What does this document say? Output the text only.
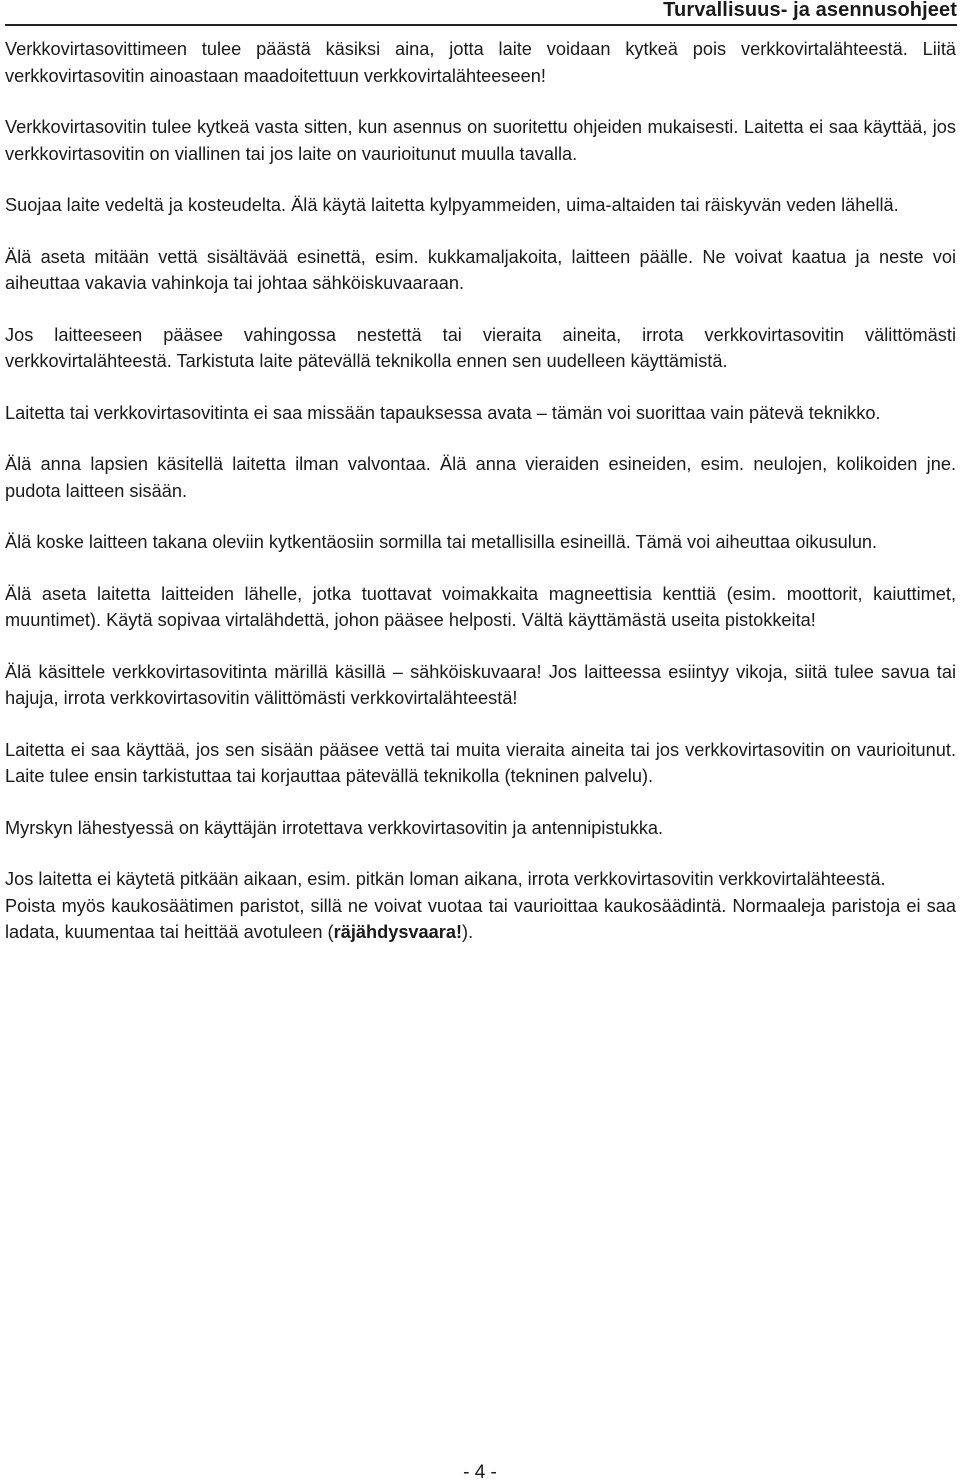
Turvallisuus- ja asennusohjeet

Verkkovirtasovittimeen tulee päästä käsiksi aina, jotta laite voidaan kytkeä pois verkkovirtalähteestä. Liitä verkkovirtasovitin ainoastaan maadoitettuun verkkovirtalähteeseen!

Verkkovirtasovitin tulee kytkeä vasta sitten, kun asennus on suoritettu ohjeiden mukaisesti. Laitetta ei saa käyttää, jos verkkovirtasovitin on viallinen tai jos laite on vaurioitunut muulla tavalla.

Suojaa laite vedeltä ja kosteudelta. Älä käytä laitetta kylpyammeiden, uima-altaiden tai räiskyvän veden lähellä.

Älä aseta mitään vettä sisältävää esinettä, esim. kukkamaljakoita, laitteen päälle. Ne voivat kaatua ja neste voi aiheuttaa vakavia vahinkoja tai johtaa sähköiskuvaaraan.

Jos laitteeseen pääsee vahingossa nestettä tai vieraita aineita, irrota verkkovirtasovitin välittömästi verkkovirtalähteestä. Tarkistuta laite pätevällä teknikolla ennen sen uudelleen käyttämistä.

Laitetta tai verkkovirtasovitinta ei saa missään tapauksessa avata – tämän voi suorittaa vain pätevä teknikko.

Älä anna lapsien käsitellä laitetta ilman valvontaa. Älä anna vieraiden esineiden, esim. neulojen, kolikoiden jne. pudota laitteen sisään.

Älä koske laitteen takana oleviin kytkentäosiin sormilla tai metallisilla esineillä. Tämä voi aiheuttaa oikusulun.

Älä aseta laitetta laitteiden lähelle, jotka tuottavat voimakkaita magneettisia kenttiä (esim. moottorit, kaiuttimet, muuntimet). Käytä sopivaa virtalähdettä, johon pääsee helposti. Vältä käyttämästä useita pistokkeita!

Älä käsittele verkkovirtasovitinta märillä käsillä – sähköiskuvaara! Jos laitteessa esiintyy vikoja, siitä tulee savua tai hajuja, irrota verkkovirtasovitin välittömästi verkkovirtalähteestä!

Laitetta ei saa käyttää, jos sen sisään pääsee vettä tai muita vieraita aineita tai jos verkkovirtasovitin on vaurioitunut. Laite tulee ensin tarkistuttaa tai korjauttaa pätevällä teknikolla (tekninen palvelu).

Myrskyn lähestyessä on käyttäjän irrotettava verkkovirtasovitin ja antennipistukka.

Jos laitetta ei käytetä pitkään aikaan, esim. pitkän loman aikana, irrota verkkovirtasovitin verkkovirtalähteestä.

Poista myös kaukosäätimen paristot, sillä ne voivat vuotaa tai vaurioittaa kaukosäädintä. Normaaleja paristoja ei saa ladata, kuumentaa tai heittää avotuleen (räjähdysvaara!).

- 4 -
